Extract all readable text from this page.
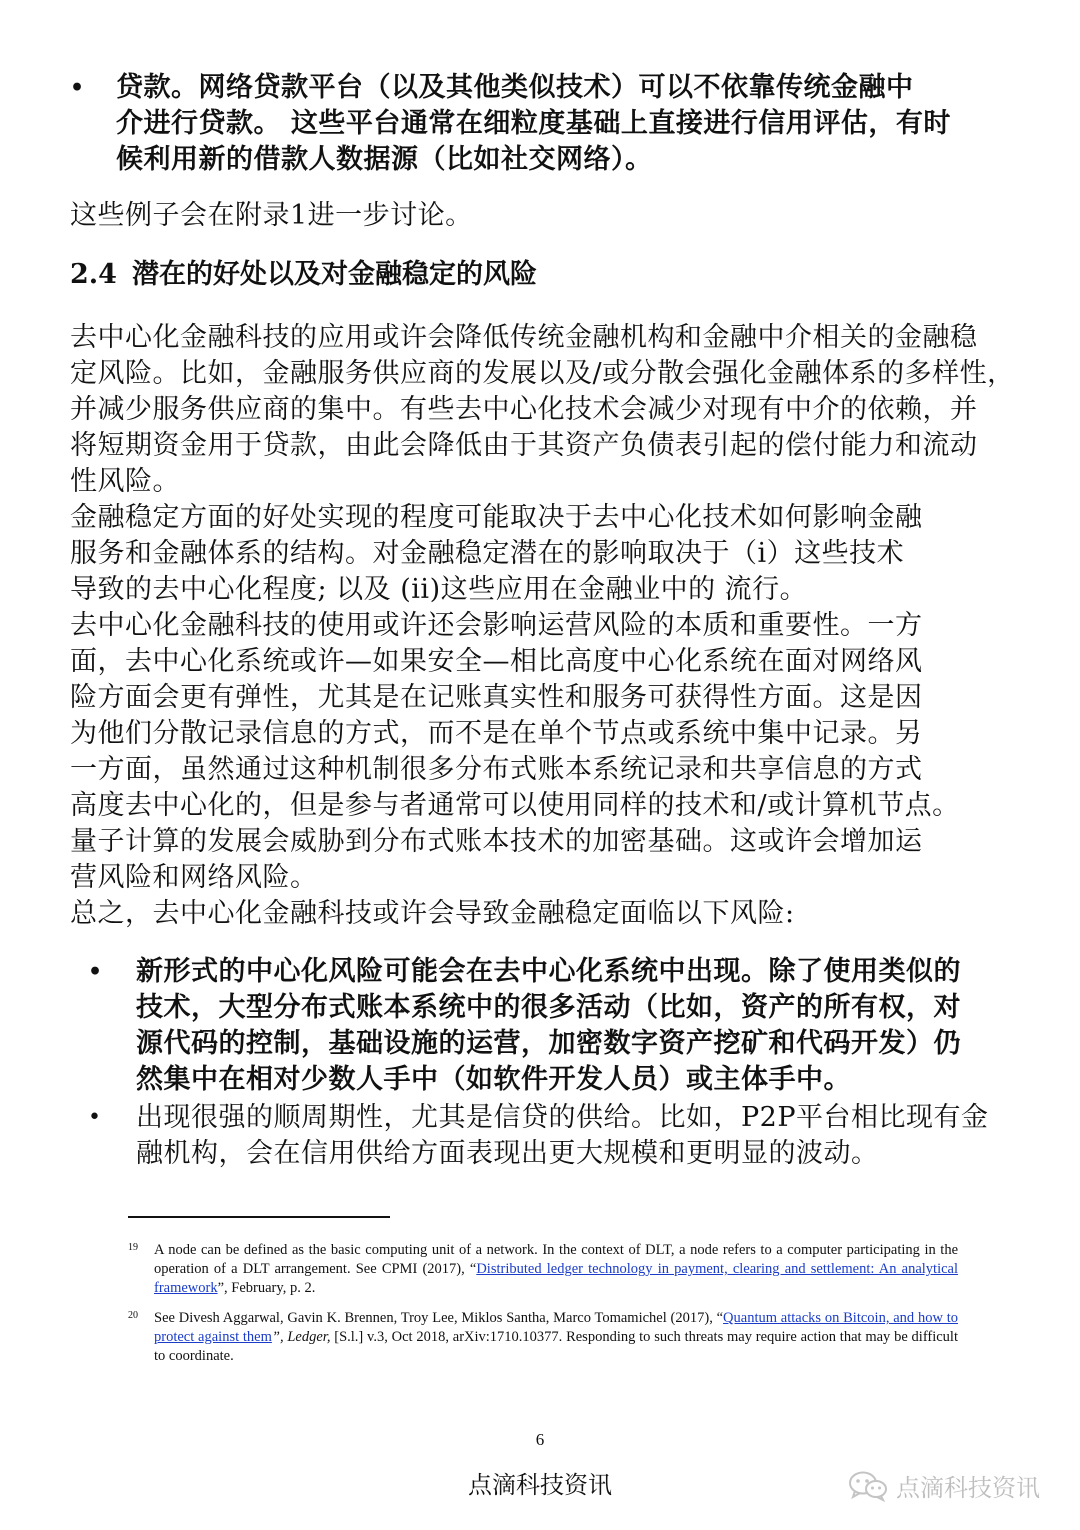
•	贷款。网络贷款平台（以及其他类似技术）可以不依靠传统金融中

介进行贷款。 这些平台通常在细粒度基础上直接进行信用评估，有时

候利用新的借款人数据源（比如社交网络）。

这些例子会在附录1进一步讨论。
2.4 潜在的好处以及对金融稳定的风险

去中心化金融科技的应用或许会降低传统金融机构和金融中介相关的金融稳

定风险。比如，金融服务供应商的发展以及/或分散会强化金融体系的多样性，

并减少服务供应商的集中。有些去中心化技术会减少对现有中介的依赖，并

将短期资金用于贷款，由此会降低由于其资产负债表引起的偿付能力和流动

性风险。

金融稳定方面的好处实现的程度可能取决于去中心化技术如何影响金融

服务和金融体系的结构。对金融稳定潜在的影响取决于（i）这些技术

导致的去中心化程度; 以及 (ii)这些应用在金融业中的 流行。

去中心化金融科技的使用或许还会影响运营风险的本质和重要性。一方

面，去中心化系统或许—如果安全—相比高度中心化系统在面对网络风

险方面会更有弹性，尤其是在记账真实性和服务可获得性方面。这是因

为他们分散记录信息的方式，而不是在单个节点或系统中集中记录。另

一方面，虽然通过这种机制很多分布式账本系统记录和共享信息的方式

高度去中心化的，但是参与者通常可以使用同样的技术和/或计算机节点。

量子计算的发展会威胁到分布式账本技术的加密基础。这或许会增加运

营风险和网络风险。

总之，去中心化金融科技或许会导致金融稳定面临以下风险:

•	新形式的中心化风险可能会在去中心化系统中出现。除了使用类似的

技术，大型分布式账本系统中的很多活动（比如，资产的所有权，对

源代码的控制，基础设施的运营，加密数字资产挖矿和代码开发）仍

然集中在相对少数人手中（如软件开发人员）或主体手中。

•	出现很强的顺周期性，尤其是信贷的供给。比如，P2P平台相比现有金

融机构，会在信用供给方面表现出更大规模和更明显的波动。

19	A node can be defined as the basic computing unit of a network. In the context of DLT, a node refers to a computer participating in the operation of a DLT arrangement. See CPMI (2017), “Distributed ledger technology in payment, clearing and settlement: An analytical framework”, February, p. 2.
20	See Divesh Aggarwal, Gavin K. Brennen, Troy Lee, Miklos Santha, Marco Tomamichel (2017), “Quantum attacks on Bitcoin, and how to protect against them”, Ledger, [S.l.] v.3, Oct 2018, arXiv:1710.10377. Responding to such threats may require action that may be difficult to coordinate.
6
点滴科技资讯	点滴科技资讯
